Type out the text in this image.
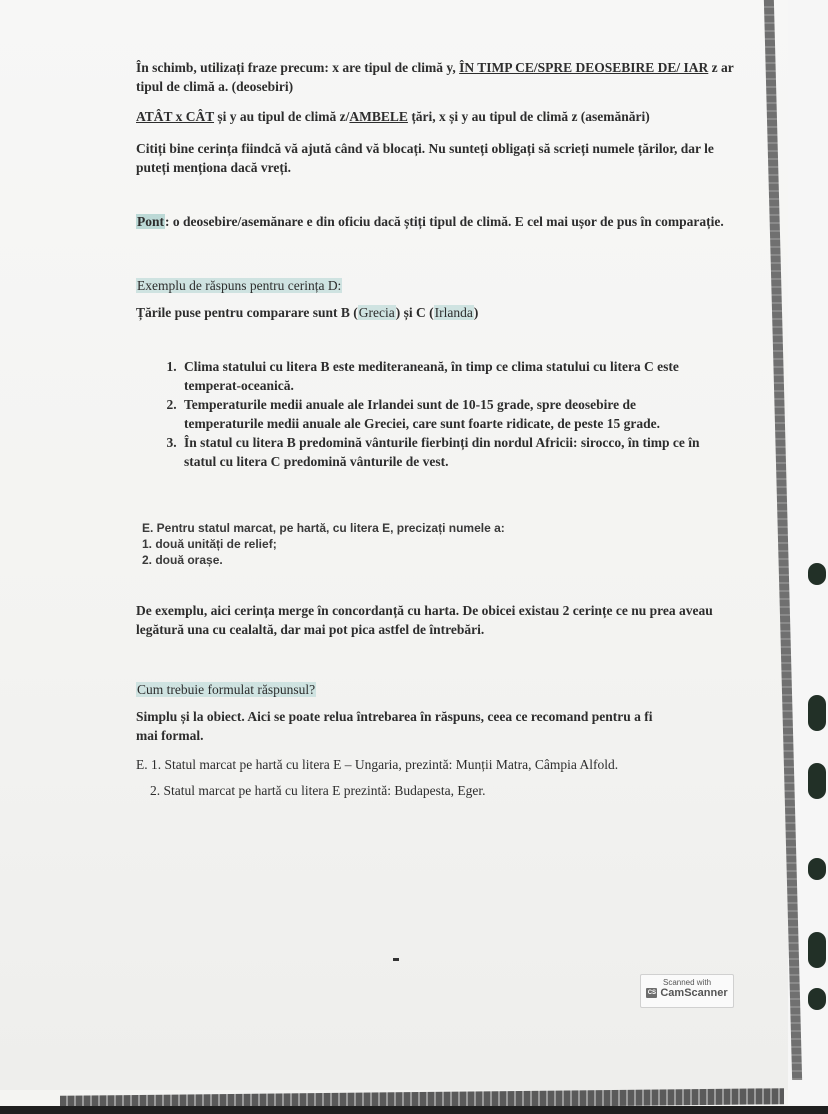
În schimb, utilizați fraze precum: x are tipul de climă y, ÎN TIMP CE/SPRE DEOSEBIRE DE/ IAR z ar tipul de climă a. (deosebiri)
ATÂT x CÂT și y au tipul de climă z/AMBELE țări, x și y au tipul de climă z (asemănări)
Citiți bine cerința fiindcă vă ajută când vă blocați. Nu sunteți obligați să scrieți numele țărilor, dar le puteți menționa dacă vreți.
Pont: o deosebire/asemănare e din oficiu dacă știți tipul de climă. E cel mai ușor de pus în comparație.
Exemplu de răspuns pentru cerința D:
Țările puse pentru comparare sunt B (Grecia) și C (Irlanda)
1. Clima statului cu litera B este mediteraneană, în timp ce clima statului cu litera C este temperat-oceanică.
2. Temperaturile medii anuale ale Irlandei sunt de 10-15 grade, spre deosebire de temperaturile medii anuale ale Greciei, care sunt foarte ridicate, de peste 15 grade.
3. În statul cu litera B predomină vânturile fierbinți din nordul Africii: sirocco, în timp ce în statul cu litera C predomină vânturile de vest.
E. Pentru statul marcat, pe hartă, cu litera E, precizați numele a:
1. două unități de relief;
2. două orașe.
De exemplu, aici cerința merge în concordanță cu harta. De obicei existau 2 cerințe ce nu prea aveau legătură una cu cealaltă, dar mai pot pica astfel de întrebări.
Cum trebuie formulat răspunsul?
Simplu și la obiect. Aici se poate relua întrebarea în răspuns, ceea ce recomand pentru a fi mai formal.
E. 1. Statul marcat pe hartă cu litera E – Ungaria, prezintă: Munții Matra, Câmpia Alfold.
2. Statul marcat pe hartă cu litera E prezintă: Budapesta, Eger.
Scanned with
CS CamScanner
